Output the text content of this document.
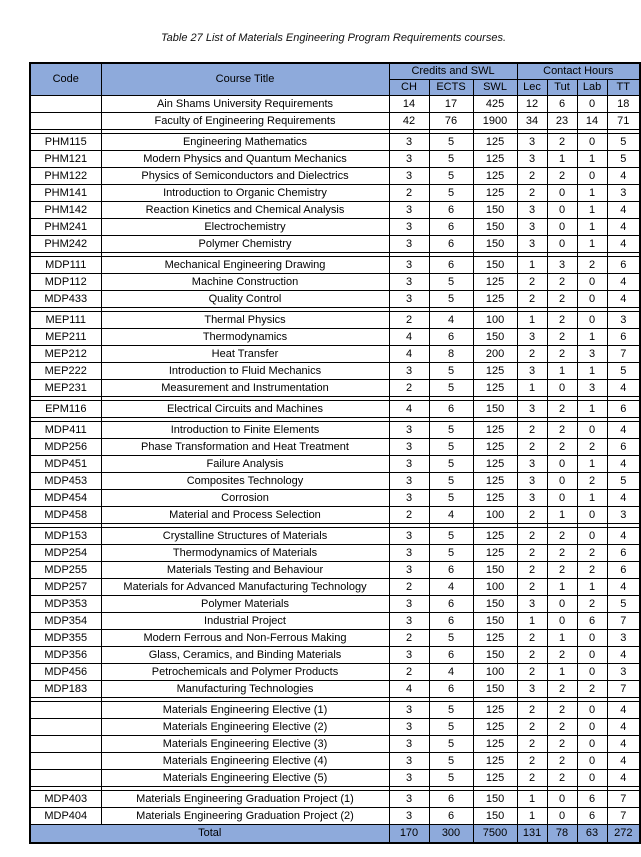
Table 27 List of Materials Engineering Program Requirements courses.
Code	Course Title	Credits and SWL			Contact Hours			
		CH	ECTS	SWL	Lec	Tut	Lab	TT
	Ain Shams University Requirements	14	17	425	12	6	0	18
	Faculty of Engineering Requirements	42	76	1900	34	23	14	71

PHM115	Engineering Mathematics	3	5	125	3	2	0	5
PHM121	Modern Physics and Quantum Mechanics	3	5	125	3	1	1	5
PHM122	Physics of Semiconductors and Dielectrics	3	5	125	2	2	0	4
PHM141	Introduction to Organic Chemistry	2	5	125	2	0	1	3
PHM142	Reaction Kinetics and Chemical Analysis	3	6	150	3	0	1	4
PHM241	Electrochemistry	3	6	150	3	0	1	4
PHM242	Polymer Chemistry	3	6	150	3	0	1	4

MDP111	Mechanical Engineering Drawing	3	6	150	1	3	2	6
MDP112	Machine Construction	3	5	125	2	2	0	4
MDP433	Quality Control	3	5	125	2	2	0	4

MEP111	Thermal Physics	2	4	100	1	2	0	3
MEP211	Thermodynamics	4	6	150	3	2	1	6
MEP212	Heat Transfer	4	8	200	2	2	3	7
MEP222	Introduction to Fluid Mechanics	3	5	125	3	1	1	5
MEP231	Measurement and Instrumentation	2	5	125	1	0	3	4

EPM116	Electrical Circuits and Machines	4	6	150	3	2	1	6

MDP411	Introduction to Finite Elements	3	5	125	2	2	0	4
MDP256	Phase Transformation and Heat Treatment	3	5	125	2	2	2	6
MDP451	Failure Analysis	3	5	125	3	0	1	4
MDP453	Composites Technology	3	5	125	3	0	2	5
MDP454	Corrosion	3	5	125	3	0	1	4
MDP458	Material and Process Selection	2	4	100	2	1	0	3

MDP153	Crystalline Structures of Materials	3	5	125	2	2	0	4
MDP254	Thermodynamics of Materials	3	5	125	2	2	2	6
MDP255	Materials Testing and Behaviour	3	6	150	2	2	2	6
MDP257	Materials for Advanced Manufacturing Technology	2	4	100	2	1	1	4
MDP353	Polymer Materials	3	6	150	3	0	2	5
MDP354	Industrial Project	3	6	150	1	0	6	7
MDP355	Modern Ferrous and Non-Ferrous Making	2	5	125	2	1	0	3
MDP356	Glass, Ceramics, and Binding Materials	3	6	150	2	2	0	4
MDP456	Petrochemicals and Polymer Products	2	4	100	2	1	0	3
MDP183	Manufacturing Technologies	4	6	150	3	2	2	7

	Materials Engineering Elective (1)	3	5	125	2	2	0	4
	Materials Engineering Elective (2)	3	5	125	2	2	0	4
	Materials Engineering Elective (3)	3	5	125	2	2	0	4
	Materials Engineering Elective (4)	3	5	125	2	2	0	4
	Materials Engineering Elective (5)	3	5	125	2	2	0	4

MDP403	Materials Engineering Graduation Project (1)	3	6	150	1	0	6	7
MDP404	Materials Engineering Graduation Project (2)	3	6	150	1	0	6	7
Total		170	300	7500	131	78	63	272
